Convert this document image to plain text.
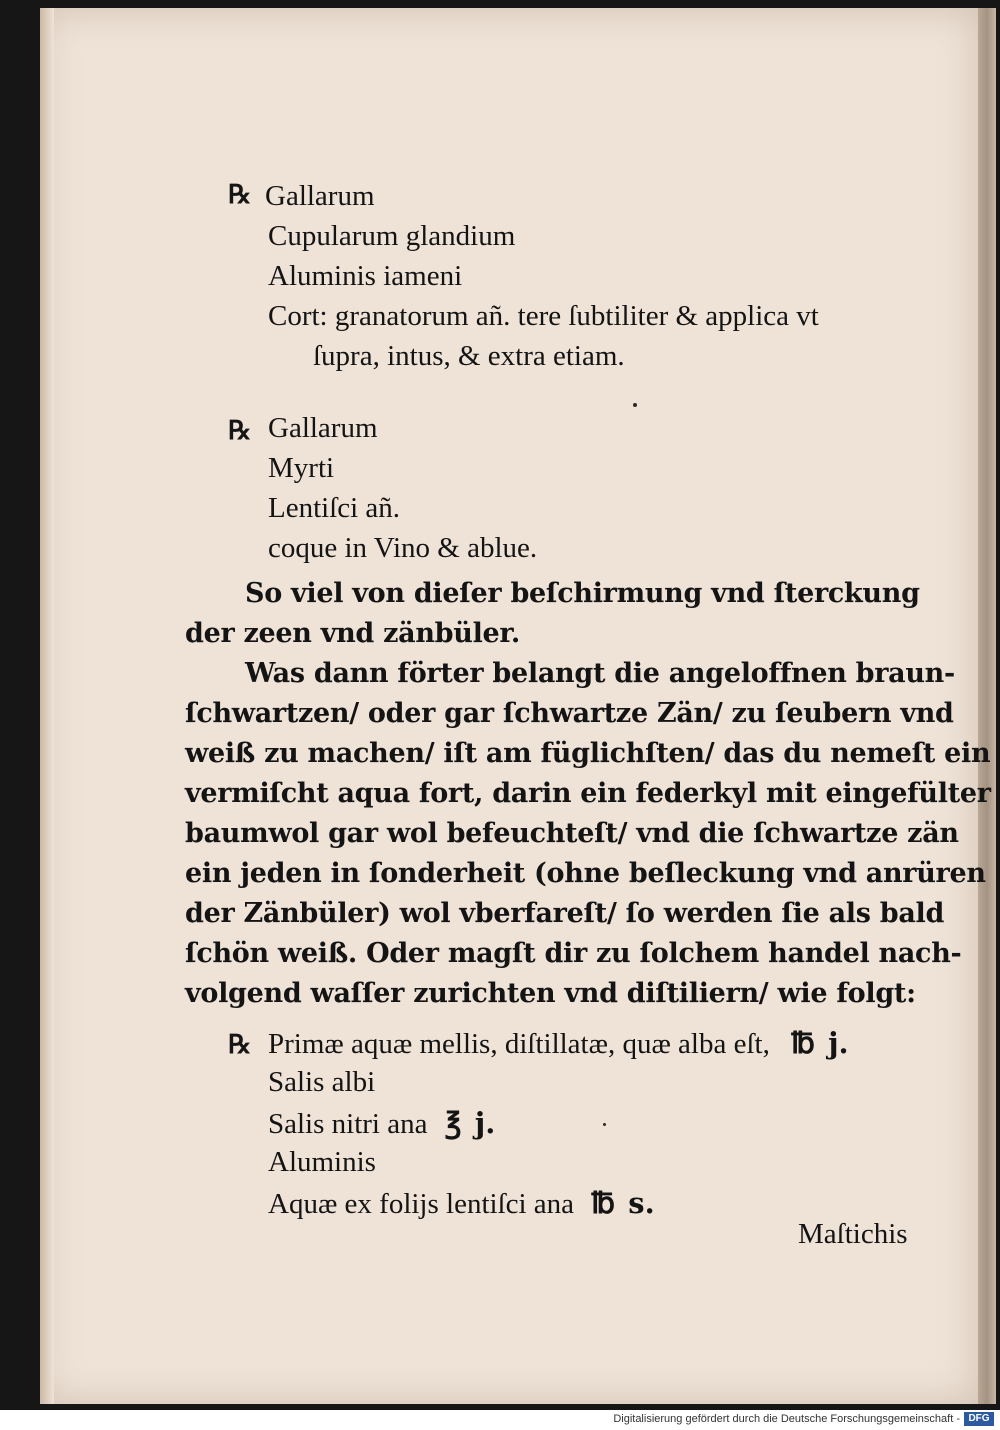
℞ Gallarum
Cupularum glandium
Aluminis iameni
Cort: granatorum añ. tere ſubtiliter & applica vt
ſupra, intus, & extra etiam.
℞ Gallarum
Myrti
Lentiſci añ.
coque in Vino & ablue.
So viel von dieſer beſchirmung vnd ſterckung
der zeen vnd zänbüler.
Was dann förter belangt die angeloffnen braun-
ſchwartzen/ oder gar ſchwartze Zän/ zu ſeubern vnd
weiß zu machen/ iſt am füglichſten/ das du nemeſt ein
vermiſcht aqua fort, darin ein federkyl mit eingefülter
baumwol gar wol befeuchteſt/ vnd die ſchwartze zän
ein jeden in ſonderheit (ohne beſleckung vnd anrüren
der Zänbüler) wol vberfareſt/ ſo werden ſie als bald
ſchön weiß. Oder magſt dir zu ſolchem handel nach-
volgend waſſer zurichten vnd diſtiliern/ wie folgt:
℞ Primæ aquæ mellis, diſtillatæ, quæ alba eſt, ℔ j.
Salis albi
Salis nitri ana ℥ j.
Aluminis
Aquæ ex folijs lentiſci ana ℔ s.
Maſtichis
Digitalisierung gefördert durch die Deutsche Forschungsgemeinschaft - DFG
